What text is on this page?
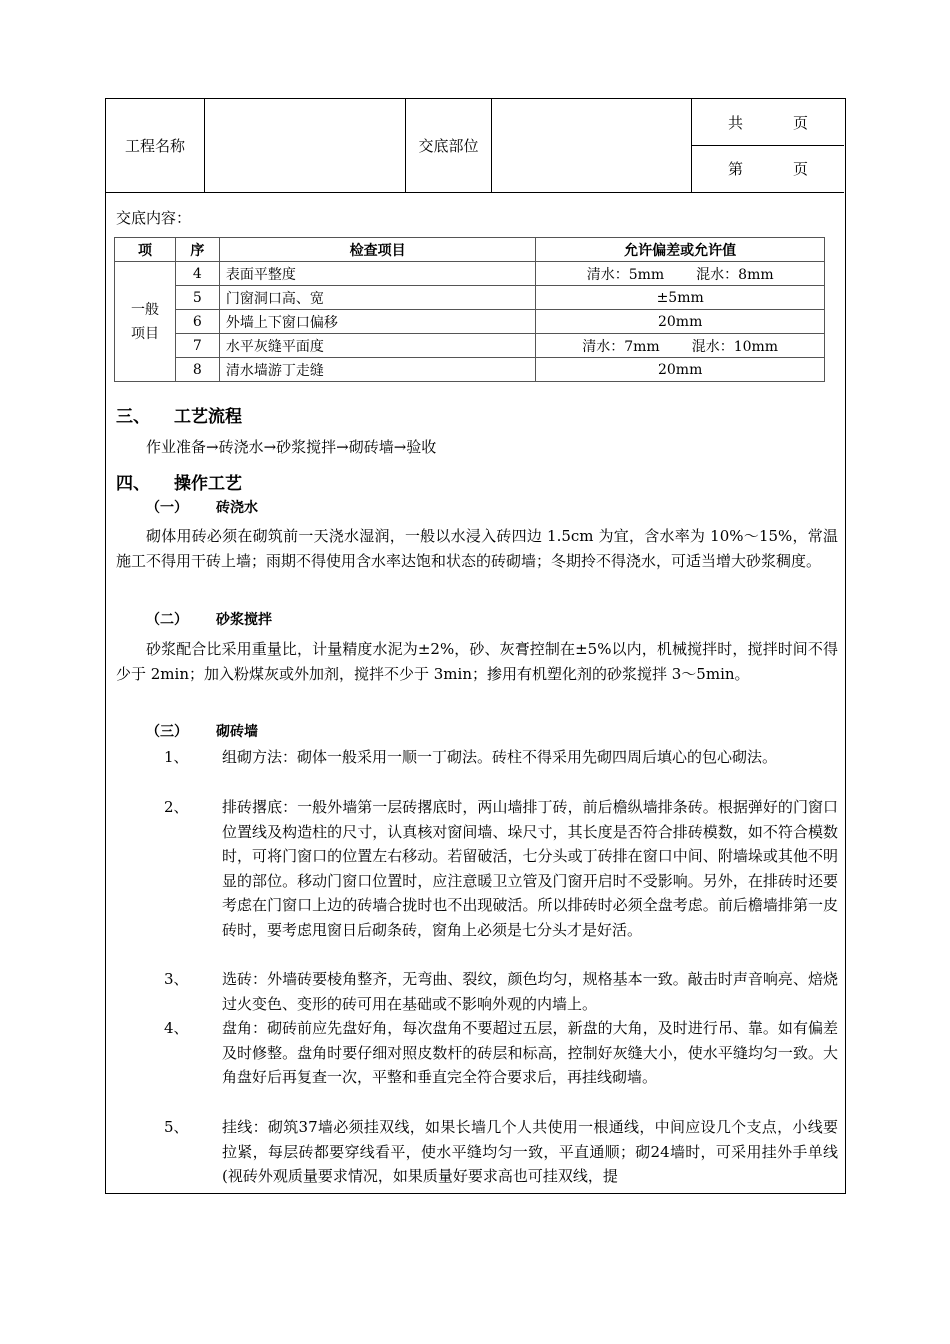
工程名称	交底部位
共	页
第	页
交底内容：
项	序	检查项目	允许偏差或允许值
一般
项目	4	表面平整度	清水：5mm 混水：8mm
	5	门窗洞口高、宽	±5mm
	6	外墙上下窗口偏移	20mm
	7	水平灰缝平面度	清水：7mm 混水：10mm
	8	清水墙游丁走缝	20mm
三、 工艺流程
作业准备→砖浇水→砂浆搅拌→砌砖墙→验收
四、 操作工艺
（一） 砖浇水
砌体用砖必须在砌筑前一天浇水湿润，一般以水浸入砖四边 1.5cm 为宜，含水率为 10%～15%，常温施工不得用干砖上墙；雨期不得使用含水率达饱和状态的砖砌墙；冬期拎不得浇水，可适当增大砂浆稠度。
（二） 砂浆搅拌
砂浆配合比采用重量比，计量精度水泥为±2%，砂、灰膏控制在±5%以内，机械搅拌时，搅拌时间不得少于 2min；加入粉煤灰或外加剂，搅拌不少于 3min；掺用有机塑化剂的砂浆搅拌 3～5min。
（三） 砌砖墙
1、 组砌方法：砌体一般采用一顺一丁砌法。砖柱不得采用先砌四周后填心的包心砌法。
2、 排砖撂底：一般外墙第一层砖撂底时，两山墙排丁砖，前后檐纵墙排条砖。根据弹好的门窗口位置线及构造柱的尺寸，认真核对窗间墙、垛尺寸，其长度是否符合排砖模数，如不符合模数时，可将门窗口的位置左右移动。若留破活，七分头或丁砖排在窗口中间、附墙垛或其他不明显的部位。移动门窗口位置时，应注意暖卫立管及门窗开启时不受影响。另外，在排砖时还要考虑在门窗口上边的砖墙合拢时也不出现破活。所以排砖时必须全盘考虑。前后檐墙排第一皮砖时，要考虑甩窗日后砌条砖，窗角上必须是七分头才是好活。
3、 选砖：外墙砖要棱角整齐，无弯曲、裂纹，颜色均匀，规格基本一致。敲击时声音响亮、焙烧过火变色、变形的砖可用在基础或不影响外观的内墙上。
4、 盘角：砌砖前应先盘好角，每次盘角不要超过五层，新盘的大角，及时进行吊、靠。如有偏差及时修整。盘角时要仔细对照皮数杆的砖层和标高，控制好灰缝大小，使水平缝均匀一致。大角盘好后再复查一次，平整和垂直完全符合要求后，再挂线砌墙。
5、 挂线：砌筑37墙必须挂双线，如果长墙几个人共使用一根通线，中间应设几个支点，小线要拉紧，每层砖都要穿线看平，使水平缝均匀一致，平直通顺；砌24墙时，可采用挂外手单线(视砖外观质量要求情况，如果质量好要求高也可挂双线，提
